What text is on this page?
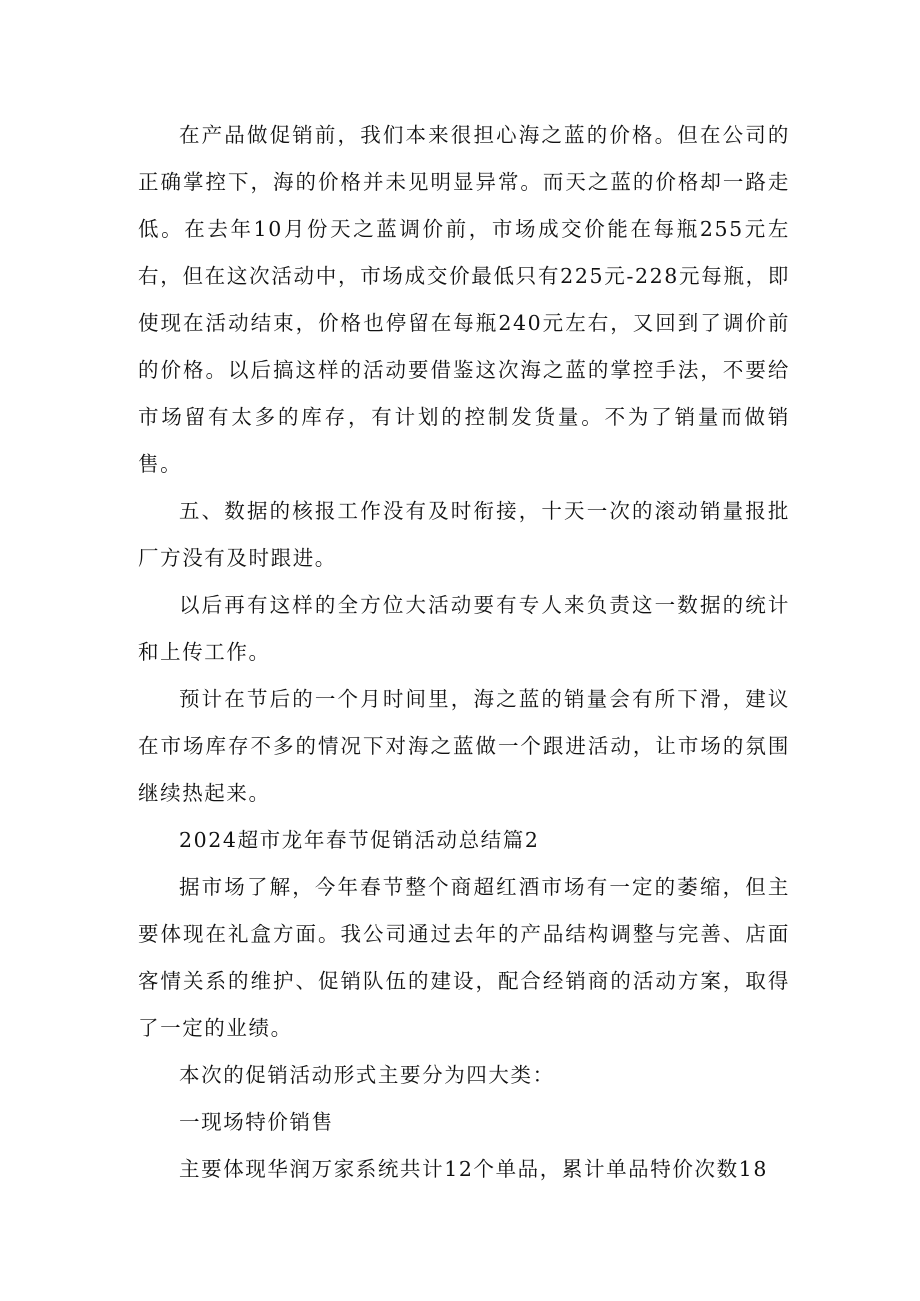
在产品做促销前，我们本来很担心海之蓝的价格。但在公司的正确掌控下，海的价格并未见明显异常。而天之蓝的价格却一路走低。在去年10月份天之蓝调价前，市场成交价能在每瓶255元左右，但在这次活动中，市场成交价最低只有225元-228元每瓶，即使现在活动结束，价格也停留在每瓶240元左右，又回到了调价前的价格。以后搞这样的活动要借鉴这次海之蓝的掌控手法，不要给市场留有太多的库存，有计划的控制发货量。不为了销量而做销售。

五、数据的核报工作没有及时衔接，十天一次的滚动销量报批厂方没有及时跟进。

以后再有这样的全方位大活动要有专人来负责这一数据的统计和上传工作。

预计在节后的一个月时间里，海之蓝的销量会有所下滑，建议在市场库存不多的情况下对海之蓝做一个跟进活动，让市场的氛围继续热起来。

2024超市龙年春节促销活动总结篇2

据市场了解，今年春节整个商超红酒市场有一定的萎缩，但主要体现在礼盒方面。我公司通过去年的产品结构调整与完善、店面客情关系的维护、促销队伍的建设，配合经销商的活动方案，取得了一定的业绩。

本次的促销活动形式主要分为四大类：

一现场特价销售

主要体现华润万家系统共计12个单品，累计单品特价次数18
